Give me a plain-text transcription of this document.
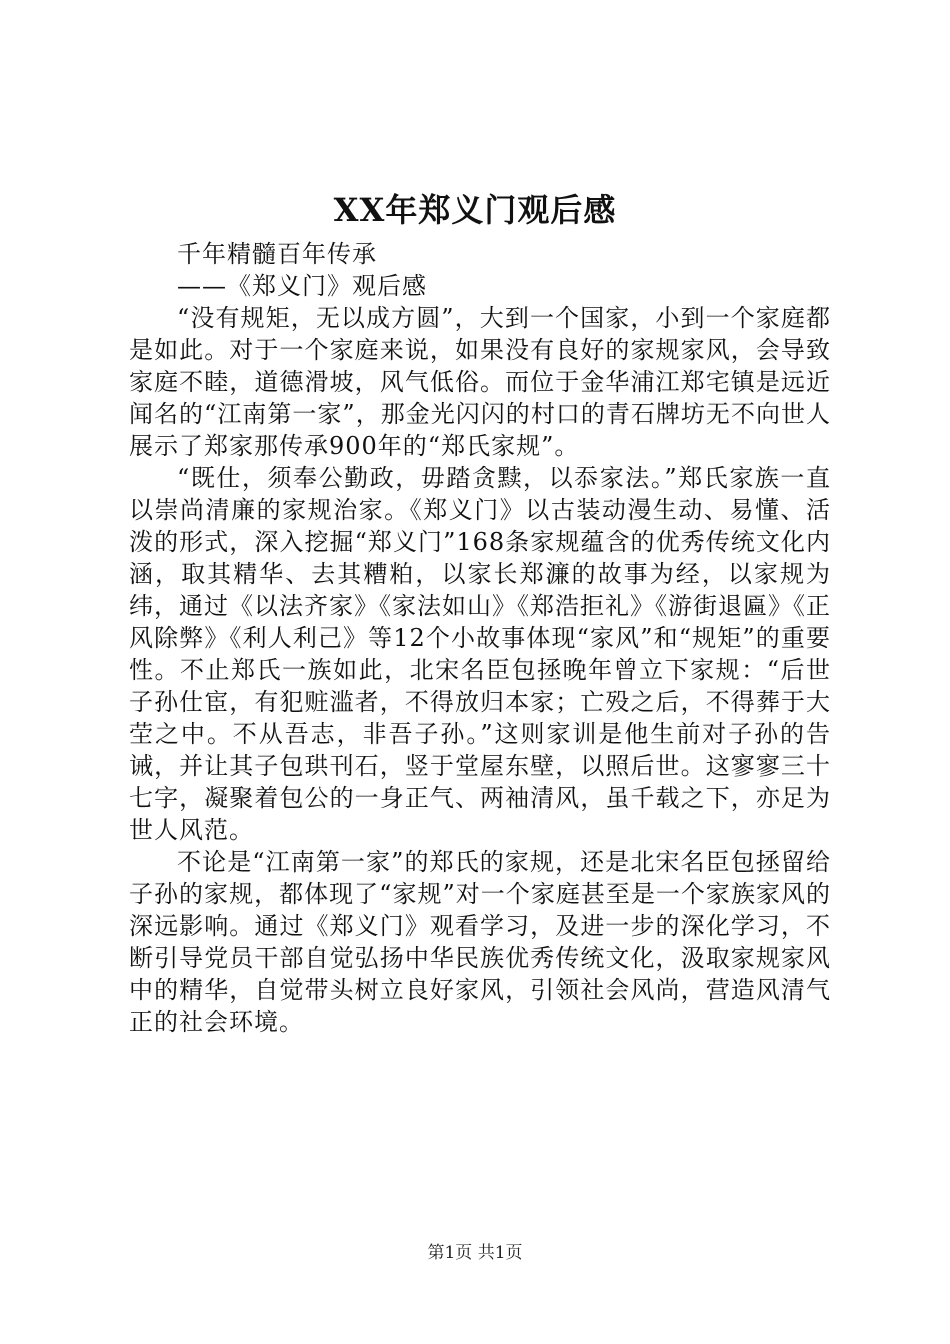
XX年郑义门观后感

千年精髓百年传承

——《郑义门》观后感

“没有规矩，无以成方圆”，大到一个国家，小到一个家庭都是如此。对于一个家庭来说，如果没有良好的家规家风，会导致家庭不睦，道德滑坡，风气低俗。而位于金华浦江郑宅镇是远近闻名的“江南第一家”，那金光闪闪的村口的青石牌坊无不向世人展示了郑家那传承900年的“郑氏家规”。

“既仕，须奉公勤政，毋踏贪黩，以忝家法。”郑氏家族一直以崇尚清廉的家规治家。《郑义门》以古装动漫生动、易懂、活泼的形式，深入挖掘“郑义门”168条家规蕴含的优秀传统文化内涵，取其精华、去其糟粕，以家长郑濂的故事为经，以家规为纬，通过《以法齐家》《家法如山》《郑浩拒礼》《游街退匾》《正风除弊》《利人利己》等12个小故事体现“家风”和“规矩”的重要性。不止郑氏一族如此，北宋名臣包拯晚年曾立下家规：“后世子孙仕宦，有犯赃滥者，不得放归本家；亡殁之后，不得葬于大茔之中。不从吾志，非吾子孙。”这则家训是他生前对子孙的告诫，并让其子包珙刊石，竖于堂屋东壁，以照后世。这寥寥三十七字，凝聚着包公的一身正气、两袖清风，虽千载之下，亦足为世人风范。

不论是“江南第一家”的郑氏的家规，还是北宋名臣包拯留给子孙的家规，都体现了“家规”对一个家庭甚至是一个家族家风的深远影响。通过《郑义门》观看学习，及进一步的深化学习，不断引导党员干部自觉弘扬中华民族优秀传统文化，汲取家规家风中的精华，自觉带头树立良好家风，引领社会风尚，营造风清气正的社会环境。

第1页 共1页
